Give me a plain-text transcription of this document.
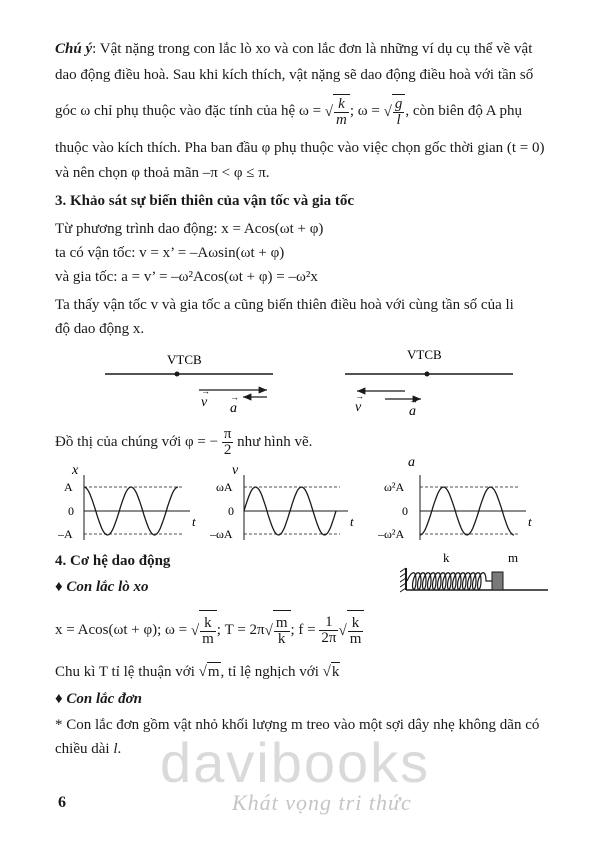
Chú ý: Vật nặng trong con lắc lò xo và con lắc đơn là những ví dụ cụ thể về vật
dao động điều hoà. Sau khi kích thích, vật nặng sẽ dao động điều hoà với tần số
góc ω chỉ phụ thuộc vào đặc tính của hệ ω = √ $\frac{k}{m}$ ; ω = √ $\frac{g}{l}$ , còn biên độ A phụ
thuộc vào kích thích. Pha ban đầu φ phụ thuộc vào việc chọn gốc thời gian (t = 0)
và nên chọn φ thoả mãn –π < φ ≤ π.
3. Khảo sát sự biến thiên của vận tốc và gia tốc
Từ phương trình dao động: x = Acos(ωt + φ)
ta có vận tốc: v = x’ = –Aωsin(ωt + φ)
và gia tốc: a = v’ = –ω²Acos(ωt + φ) = –ω²x
Ta thấy vận tốc v và gia tốc a cũng biến thiên điều hoà với cùng tần số của li
độ dao động x.
VTCB
v
→
a
→
VTCB
v
→
a
→
Đồ thị của chúng với φ = − $\frac{\pi}{2}$ như hình vẽ.
x
A
0
–A
t
v
ωA
0
–ωA
t
a
ω²A
0
–ω²A
t
4. Cơ hệ dao động
♦ Con lắc lò xo
k	m
x = Acos(ωt + φ); ω = √ $\frac{k}{m}$ ; $T = 2\pi√ \frac{m}{k}$ ; $f = \frac{1}{2\pi}$ √ $\frac{k}{m}$
Chu kì T tỉ lệ thuận với √m, tỉ lệ nghịch với √k
♦ Con lắc đơn
* Con lắc đơn gồm vật nhỏ khối lượng m treo vào một sợi dây nhẹ không dãn có
chiều dài l. davibooks
Khát vọng tri thức
6
